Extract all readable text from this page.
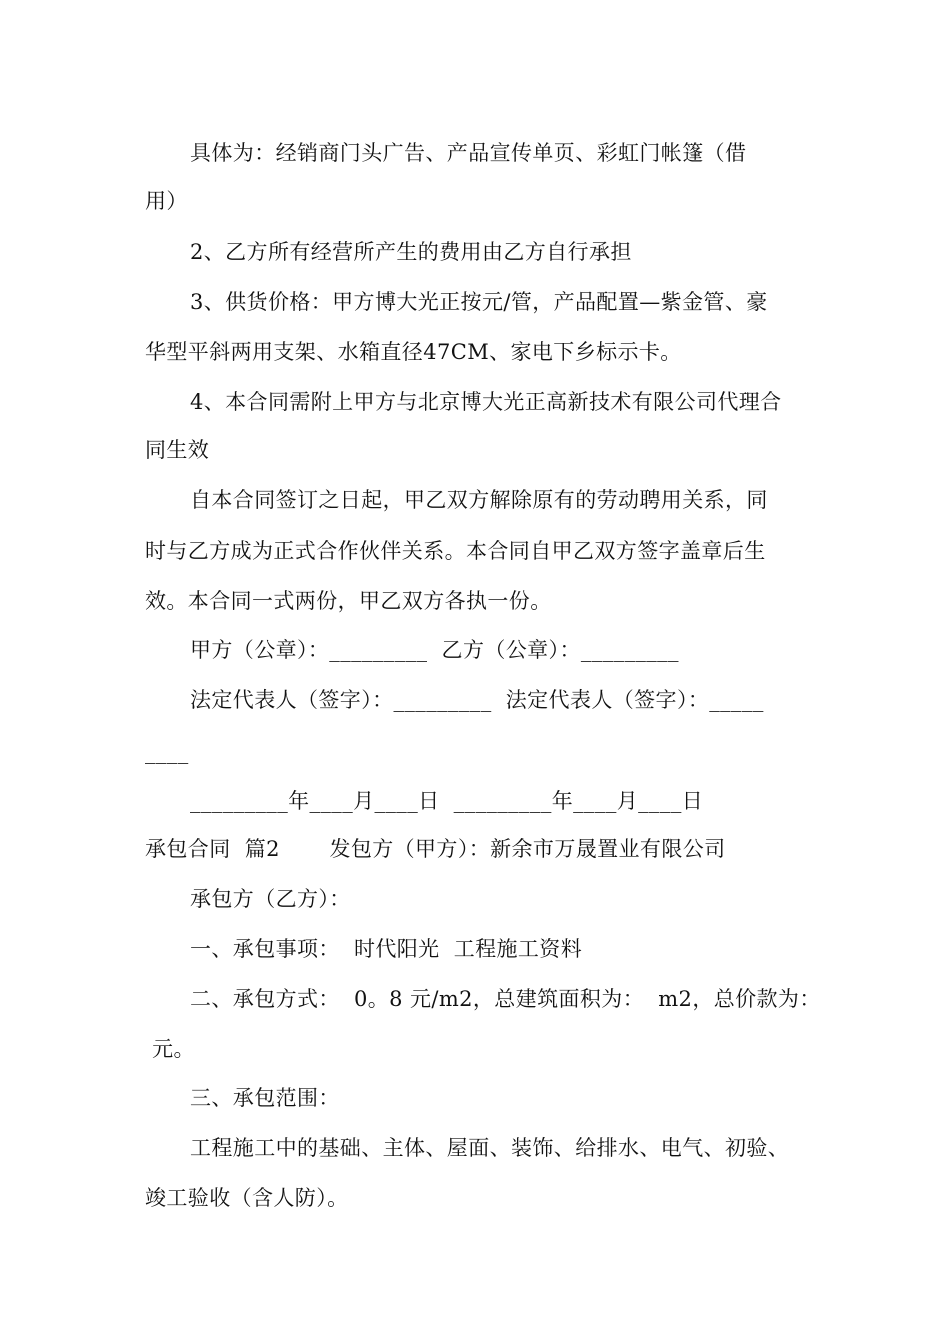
具体为：经销商门头广告、产品宣传单页、彩虹门帐篷（借
用）
2、乙方所有经营所产生的费用由乙方自行承担
3、供货价格：甲方博大光正按元/管，产品配置—紫金管、豪
华型平斜两用支架、水箱直径47CM、家电下乡标示卡。
4、本合同需附上甲方与北京博大光正高新技术有限公司代理合
同生效
自本合同签订之日起，甲乙双方解除原有的劳动聘用关系，同
时与乙方成为正式合作伙伴关系。本合同自甲乙双方签字盖章后生
效。本合同一式两份，甲乙双方各执一份。
甲方（公章）：_________  乙方（公章）：_________
法定代表人（签字）：_________  法定代表人（签字）：_____
____
_________年____月____日  _________年____月____日
承包合同  篇2       发包方（甲方）：新余市万晟置业有限公司
承包方（乙方）：
一、承包事项：  时代阳光  工程施工资料
二、承包方式：  0。8 元/m2，总建筑面积为：  m2，总价款为：
元。
三、承包范围：
工程施工中的基础、主体、屋面、装饰、给排水、电气、初验、
竣工验收（含人防）。
